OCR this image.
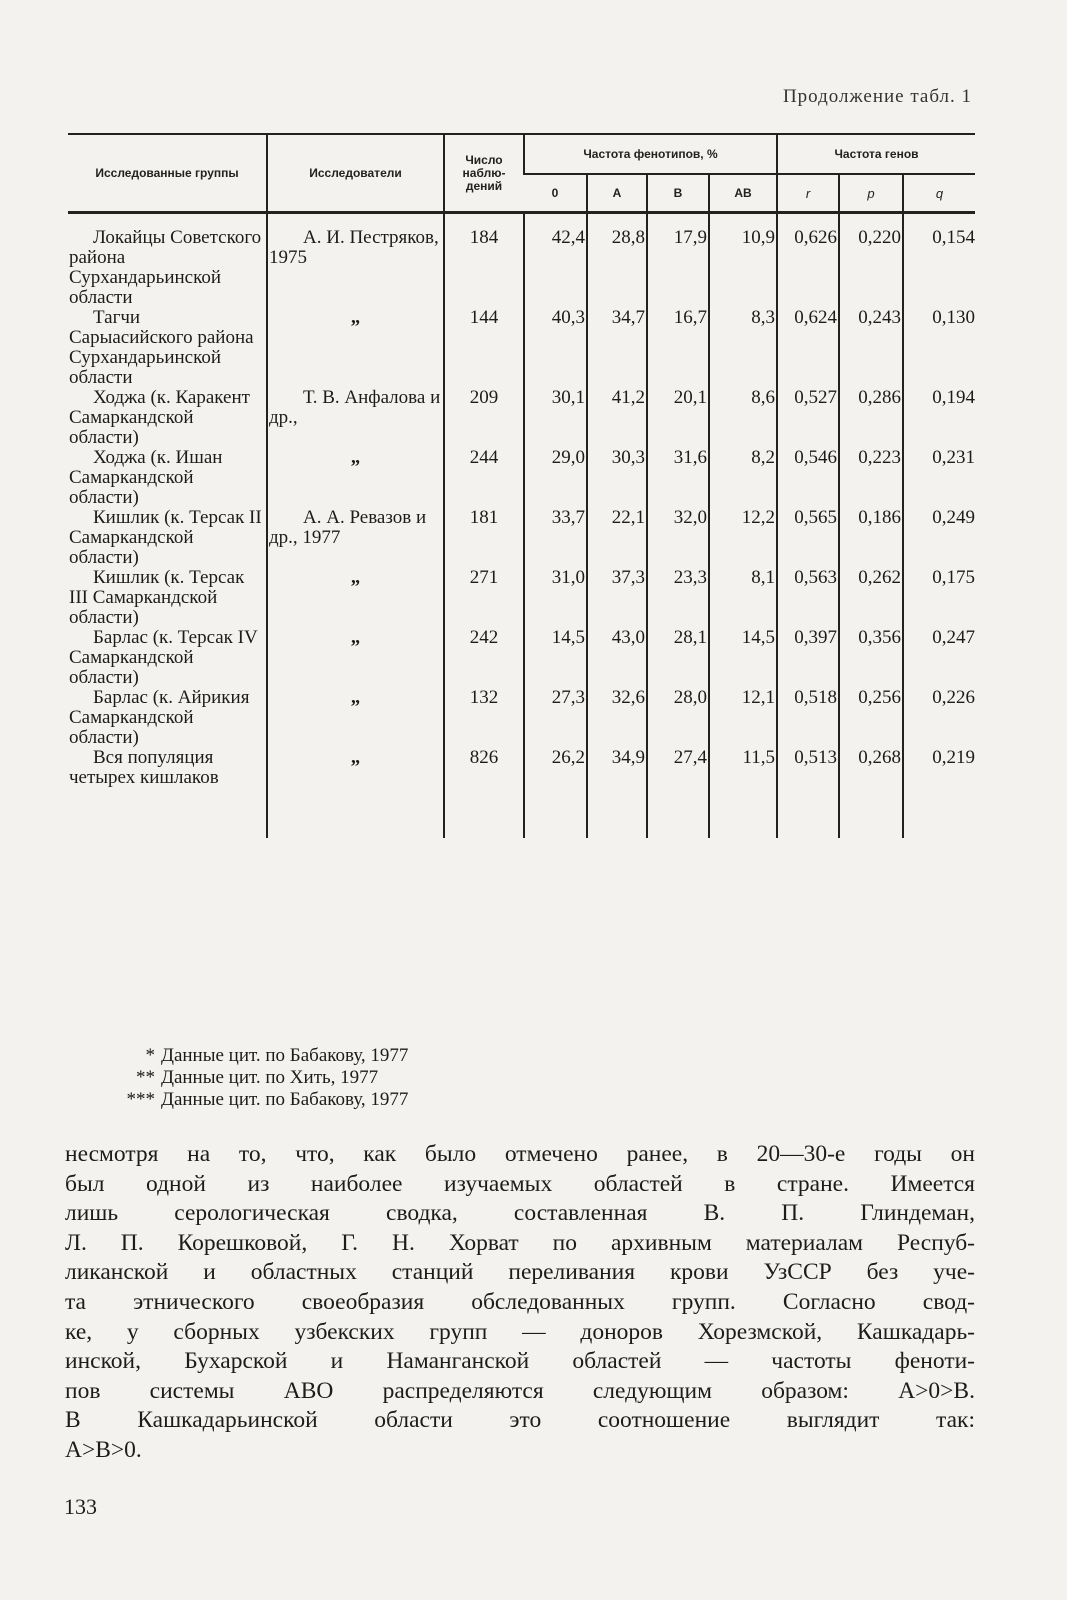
Продолжение табл. 1
Исследованные группы	Исследователи	Число наблю- дений	Частота фенотипов, %				Частота генов		
			0	А	В	АВ	r	p	q
Локайцы Советского района Сурхандарьинской области	А. И. Пестряков, 1975	184	42,4	28,8	17,9	10,9	0,626	0,220	0,154
Тагчи Сарыасийского района Сурхандарьинской области	„	144	40,3	34,7	16,7	8,3	0,624	0,243	0,130
Ходжа (к. Каракент Самаркандской области)	Т. В. Анфалова и др.,	209	30,1	41,2	20,1	8,6	0,527	0,286	0,194
Ходжа (к. Ишан Самаркандской области)	„	244	29,0	30,3	31,6	8,2	0,546	0,223	0,231
Кишлик (к. Терсак II Самаркандской области)	А. А. Ревазов и др., 1977	181	33,7	22,1	32,0	12,2	0,565	0,186	0,249
Кишлик (к. Терсак III Самаркандской области)	„	271	31,0	37,3	23,3	8,1	0,563	0,262	0,175
Барлас (к. Терсак IV Самаркандской области)	„	242	14,5	43,0	28,1	14,5	0,397	0,356	0,247
Барлас (к. Айрикия Самаркандской области)	„	132	27,3	32,6	28,0	12,1	0,518	0,256	0,226
Вся популяция четырех кишлаков	„	826	26,2	34,9	27,4	11,5	0,513	0,268	0,219
* Данные цит. по Бабакову, 1977
** Данные цит. по Хить, 1977
*** Данные цит. по Бабакову, 1977

несмотря на то, что, как было отмечено ранее, в 20—30-е годы он
был одной из наиболее изучаемых областей в стране. Имеется
лишь серологическая сводка, составленная В. П. Глиндеман,
Л. П. Корешковой, Г. Н. Хорват по архивным материалам Респуб-
ликанской и областных станций переливания крови УзССР без уче-
та этнического своеобразия обследованных групп. Согласно свод-
ке, у сборных узбекских групп — доноров Хорезмской, Кашкадарь-
инской, Бухарской и Наманганской областей — частоты феноти-
пов системы АВО распределяются следующим образом: А>0>В.
В Кашкадарьинской области это соотношение выглядит так:
А>В>0.

133
